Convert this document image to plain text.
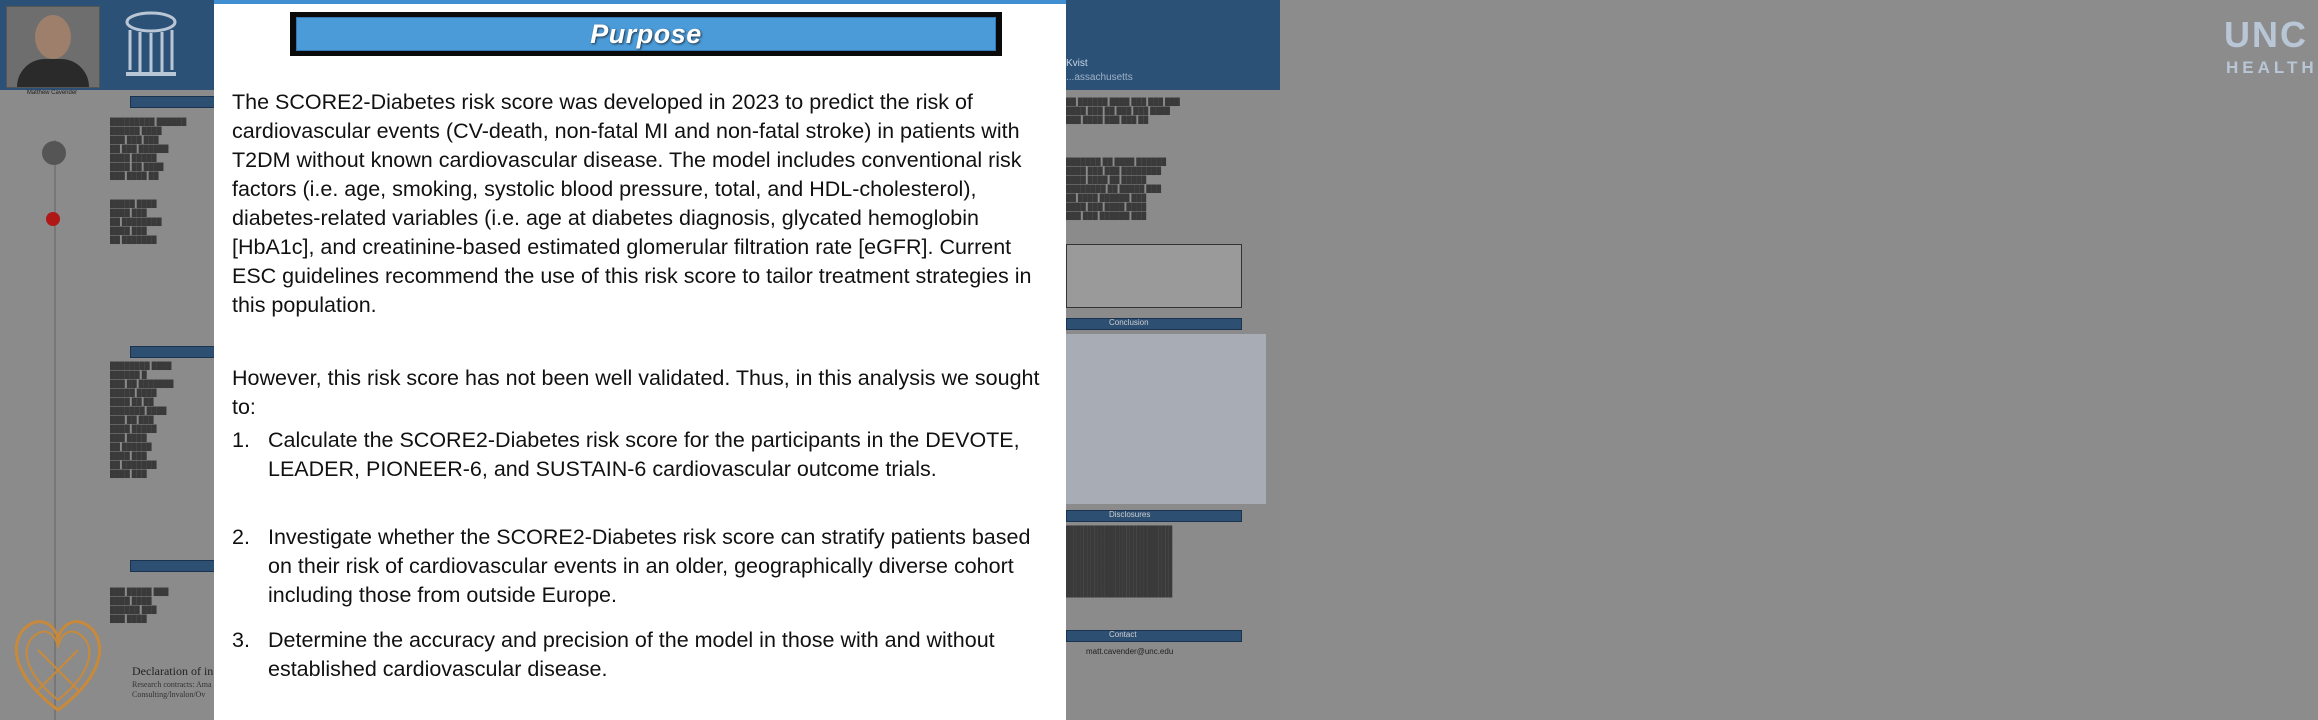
Matthew Cavender
█████████ ██████
██████ ████
███ ███ ███
██ ███ ██████
████ █████
████ ██ ████
███ ████ ██
█████ ████
████ ███
██ ████████
████ ███
██ ███████
████████ ████
██████ █
███ ██ ███████
█████ ████
████ ██ ██
███████ ████
███ ██ ███
████ █████
███ ████
██ ██████
████ ███
██ ███████
████ ███
███ █████ ███
████ ████
██████ ███
███ ████
Declaration of in
Research contracts: Ama
Consulting/lnvalon/Ov
Kvist
...assachusetts
UNC
HEALTH
██ ██████ ████ ███ ███ ███
████ ███ ██ ███ ███ ████
███ ████ ███ ███ ██
███████ ██ ████ ██████
████ ███ ███ ████████
████ ████ ██ █████
████████ ██ █████ ███
██ ████ ██████ ███
████ ███ ████ ████
███ ███ ██████ ███
Conclusion
Disclosures
██████████████████████████████
██████████████████████████████
██████████████████████████████
██████████████████████████████
██████████████████████████████
██████████████████████████████
██████████████████████████████
██████████████████████████████
██████████████████████████████
██████████████████████████████
██████████████████████████████
██████████████████████████████
Contact
matt.cavender@unc.edu
Purpose

The SCORE2-Diabetes risk score was developed in 2023 to predict the risk of cardiovascular events (CV-death, non-fatal MI and non-fatal stroke) in patients with T2DM without known cardiovascular disease. The model includes conventional risk factors (i.e. age, smoking, systolic blood pressure, total, and HDL-cholesterol), diabetes-related variables (i.e. age at diabetes diagnosis, glycated hemoglobin [HbA1c], and creatinine-based estimated glomerular filtration rate [eGFR]. Current ESC guidelines recommend the use of this risk score to tailor treatment strategies in this population.

However, this risk score has not been well validated. Thus, in this analysis we sought to:

1. Calculate the SCORE2-Diabetes risk score for the participants in the DEVOTE, LEADER, PIONEER-6, and SUSTAIN-6 cardiovascular outcome trials.
2. Investigate whether the SCORE2-Diabetes risk score can stratify patients based on their risk of cardiovascular events in an older, geographically diverse cohort including those from outside Europe.
3. Determine the accuracy and precision of the model in those with and without established cardiovascular disease.
